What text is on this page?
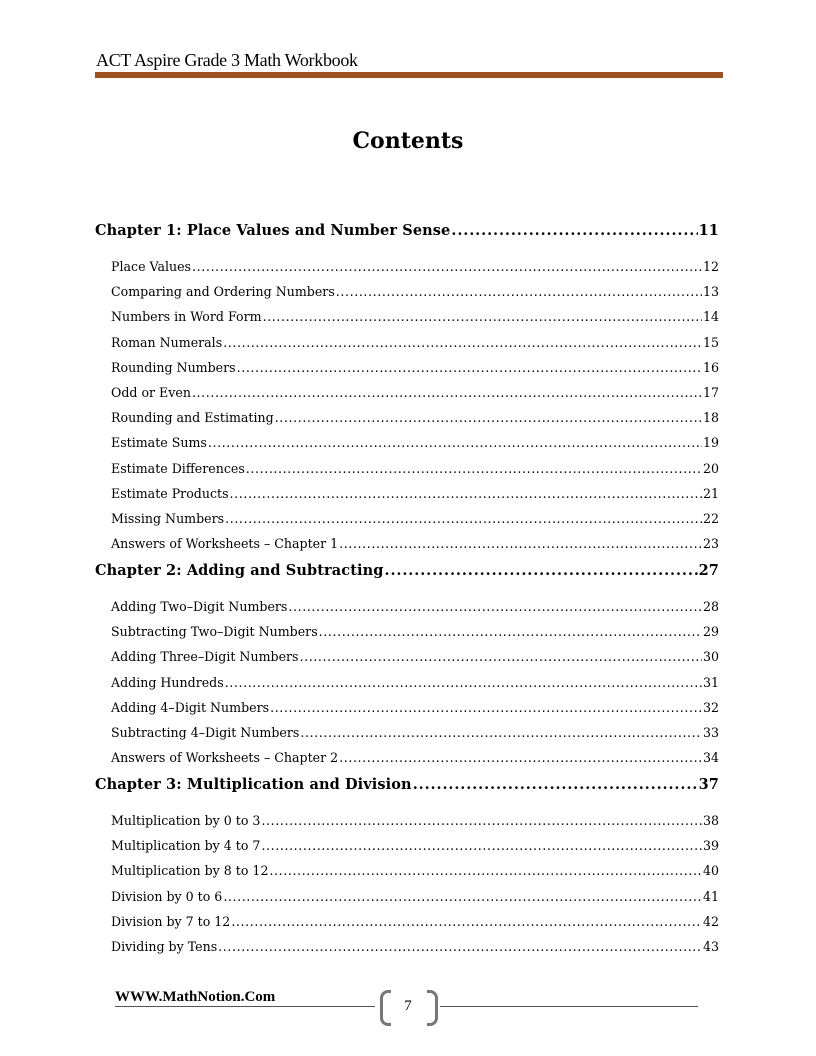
ACT Aspire Grade 3 Math Workbook
Contents
Chapter 1: Place Values and Number Sense .....	11
Place Values .....	12
Comparing and Ordering Numbers .....	13
Numbers in Word Form .....	14
Roman Numerals .....	15
Rounding Numbers .....	16
Odd or Even .....	17
Rounding and Estimating .....	18
Estimate Sums .....	19
Estimate Differences .....	20
Estimate Products .....	21
Missing Numbers .....	22
Answers of Worksheets – Chapter 1 .....	23
Chapter 2: Adding and Subtracting .....	27
Adding Two–Digit Numbers .....	28
Subtracting Two–Digit Numbers .....	29
Adding Three–Digit Numbers .....	30
Adding Hundreds .....	31
Adding 4–Digit Numbers .....	32
Subtracting 4–Digit Numbers .....	33
Answers of Worksheets – Chapter 2 .....	34
Chapter 3: Multiplication and Division .....	37
Multiplication by 0 to 3 .....	38
Multiplication by 4 to 7 .....	39
Multiplication by 8 to 12 .....	40
Division by 0 to 6 .....	41
Division by 7 to 12 .....	42
Dividing by Tens .....	43
WWW.MathNotion.Com
7
